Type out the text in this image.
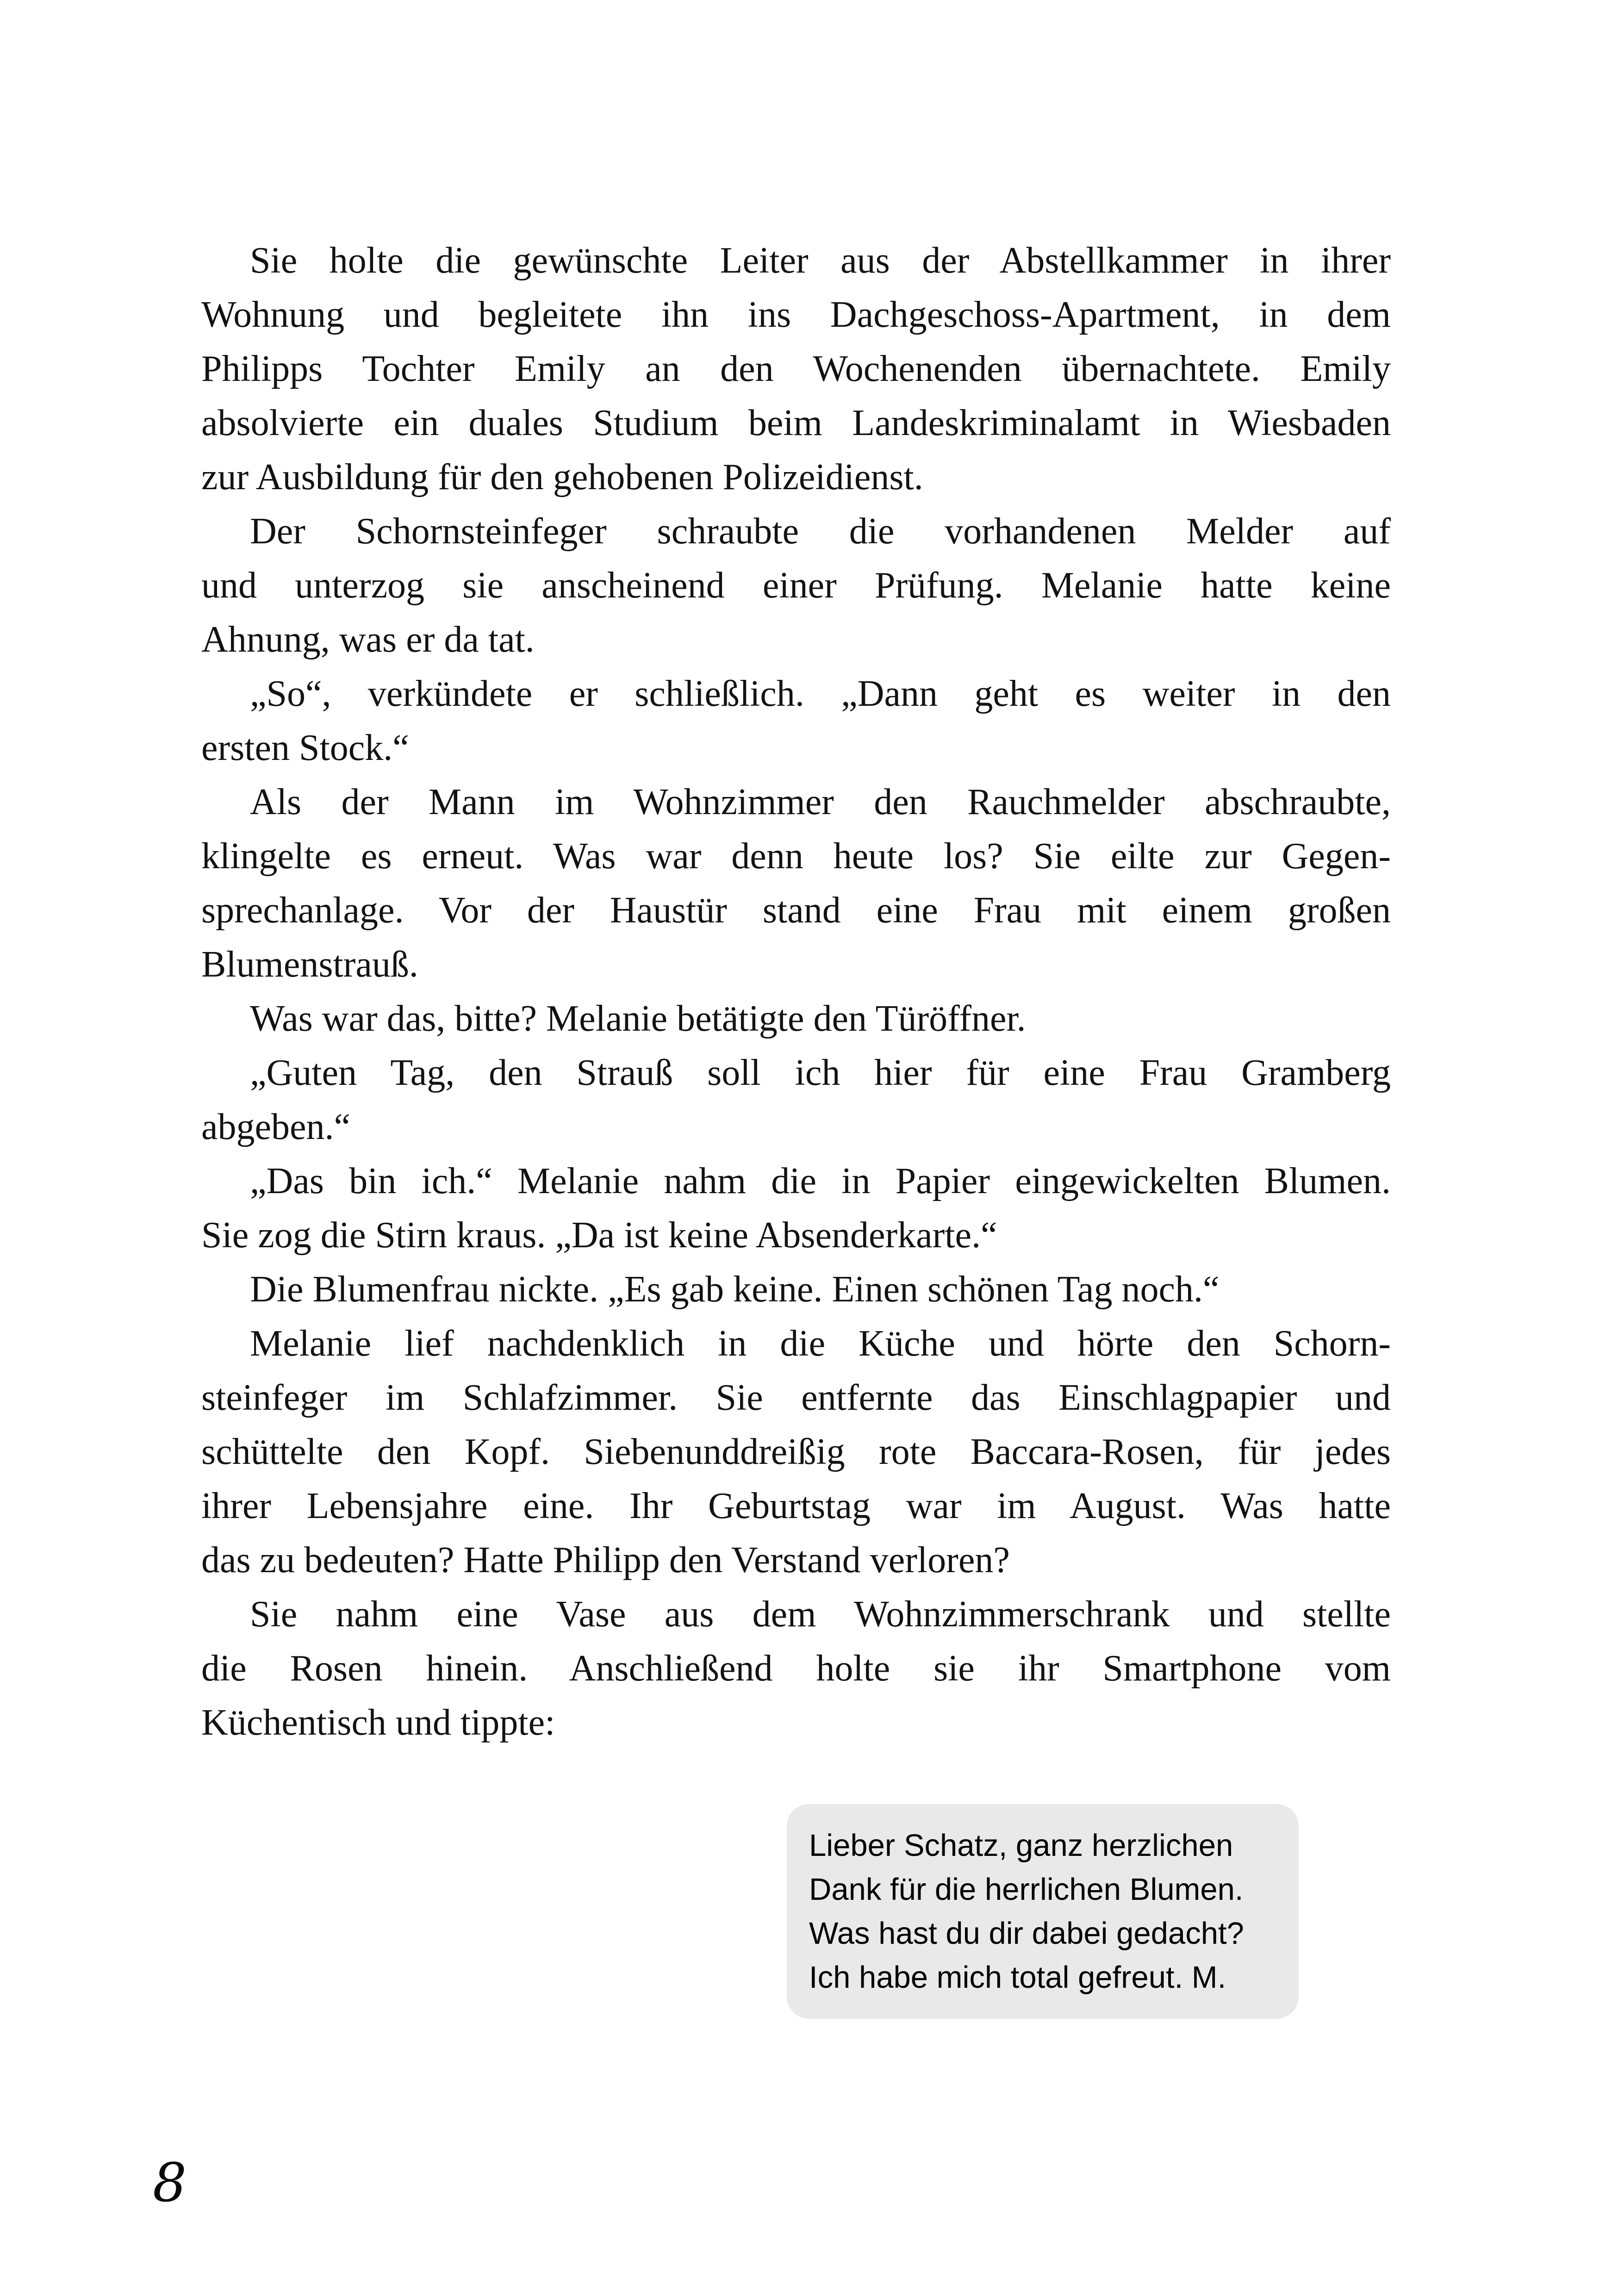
Sie holte die gewünschte Leiter aus der Abstellkammer in ihrer
Wohnung und begleitete ihn ins Dachgeschoss-Apartment, in dem
Philipps Tochter Emily an den Wochenenden übernachtete. Emily
absolvierte ein duales Studium beim Landeskriminalamt in Wiesbaden
zur Ausbildung für den gehobenen Polizeidienst.
Der Schornsteinfeger schraubte die vorhandenen Melder auf
und unterzog sie anscheinend einer Prüfung. Melanie hatte keine
Ahnung, was er da tat.
„So“, verkündete er schließlich. „Dann geht es weiter in den
ersten Stock.“
Als der Mann im Wohnzimmer den Rauchmelder abschraubte,
klingelte es erneut. Was war denn heute los? Sie eilte zur Gegen-
sprechanlage. Vor der Haustür stand eine Frau mit einem großen
Blumenstrauß.
Was war das, bitte? Melanie betätigte den Türöffner.
„Guten Tag, den Strauß soll ich hier für eine Frau Gramberg
abgeben.“
„Das bin ich.“ Melanie nahm die in Papier eingewickelten Blumen.
Sie zog die Stirn kraus. „Da ist keine Absenderkarte.“
Die Blumenfrau nickte. „Es gab keine. Einen schönen Tag noch.“
Melanie lief nachdenklich in die Küche und hörte den Schorn-
steinfeger im Schlafzimmer. Sie entfernte das Einschlagpapier und
schüttelte den Kopf. Siebenunddreißig rote Baccara-Rosen, für jedes
ihrer Lebensjahre eine. Ihr Geburtstag war im August. Was hatte
das zu bedeuten? Hatte Philipp den Verstand verloren?
Sie nahm eine Vase aus dem Wohnzimmerschrank und stellte
die Rosen hinein. Anschließend holte sie ihr Smartphone vom
Küchentisch und tippte:
Lieber Schatz, ganz herzlichen
Dank für die herrlichen Blumen.
Was hast du dir dabei gedacht?
Ich habe mich total gefreut. M.
8
